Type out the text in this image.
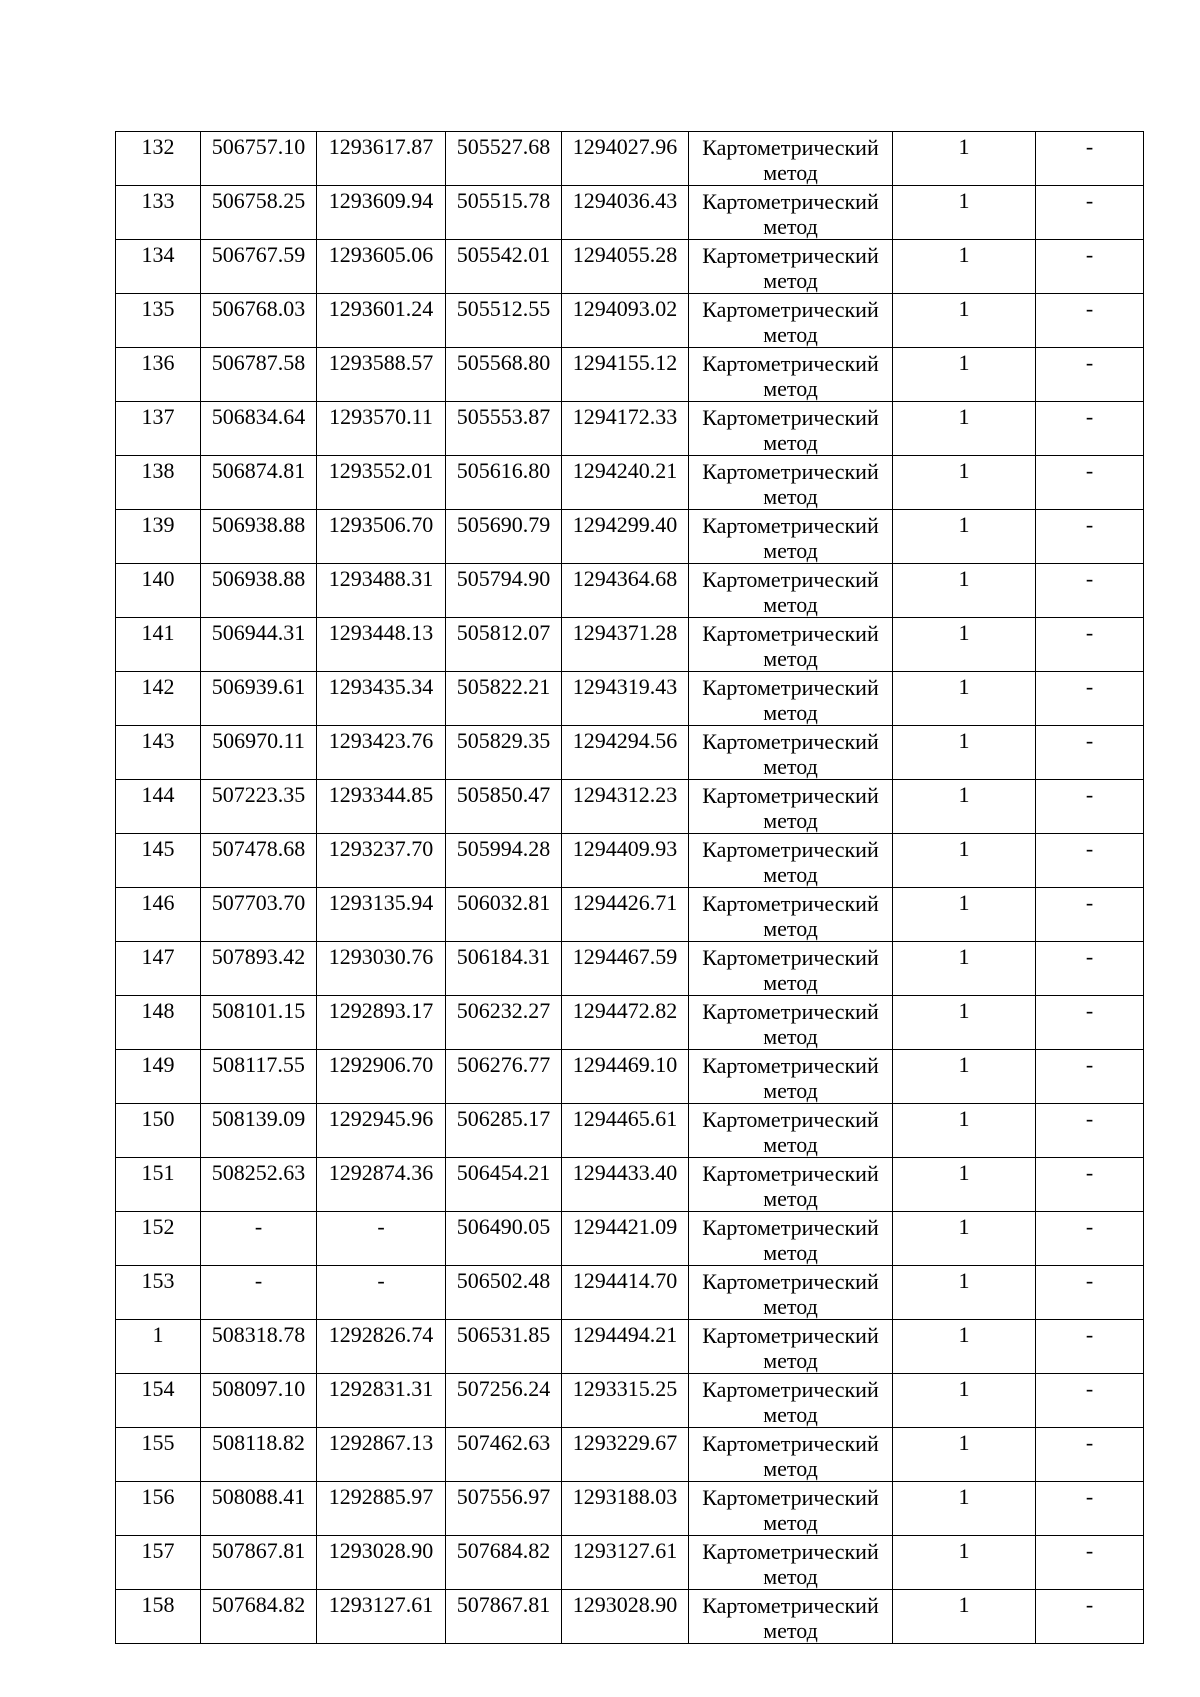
132	506757.10	1293617.87	505527.68	1294027.96	Картометрический
метод	1	-
133	506758.25	1293609.94	505515.78	1294036.43	Картометрический
метод	1	-
134	506767.59	1293605.06	505542.01	1294055.28	Картометрический
метод	1	-
135	506768.03	1293601.24	505512.55	1294093.02	Картометрический
метод	1	-
136	506787.58	1293588.57	505568.80	1294155.12	Картометрический
метод	1	-
137	506834.64	1293570.11	505553.87	1294172.33	Картометрический
метод	1	-
138	506874.81	1293552.01	505616.80	1294240.21	Картометрический
метод	1	-
139	506938.88	1293506.70	505690.79	1294299.40	Картометрический
метод	1	-
140	506938.88	1293488.31	505794.90	1294364.68	Картометрический
метод	1	-
141	506944.31	1293448.13	505812.07	1294371.28	Картометрический
метод	1	-
142	506939.61	1293435.34	505822.21	1294319.43	Картометрический
метод	1	-
143	506970.11	1293423.76	505829.35	1294294.56	Картометрический
метод	1	-
144	507223.35	1293344.85	505850.47	1294312.23	Картометрический
метод	1	-
145	507478.68	1293237.70	505994.28	1294409.93	Картометрический
метод	1	-
146	507703.70	1293135.94	506032.81	1294426.71	Картометрический
метод	1	-
147	507893.42	1293030.76	506184.31	1294467.59	Картометрический
метод	1	-
148	508101.15	1292893.17	506232.27	1294472.82	Картометрический
метод	1	-
149	508117.55	1292906.70	506276.77	1294469.10	Картометрический
метод	1	-
150	508139.09	1292945.96	506285.17	1294465.61	Картометрический
метод	1	-
151	508252.63	1292874.36	506454.21	1294433.40	Картометрический
метод	1	-
152	-	-	506490.05	1294421.09	Картометрический
метод	1	-
153	-	-	506502.48	1294414.70	Картометрический
метод	1	-
1	508318.78	1292826.74	506531.85	1294494.21	Картометрический
метод	1	-
154	508097.10	1292831.31	507256.24	1293315.25	Картометрический
метод	1	-
155	508118.82	1292867.13	507462.63	1293229.67	Картометрический
метод	1	-
156	508088.41	1292885.97	507556.97	1293188.03	Картометрический
метод	1	-
157	507867.81	1293028.90	507684.82	1293127.61	Картометрический
метод	1	-
158	507684.82	1293127.61	507867.81	1293028.90	Картометрический
метод	1	-
